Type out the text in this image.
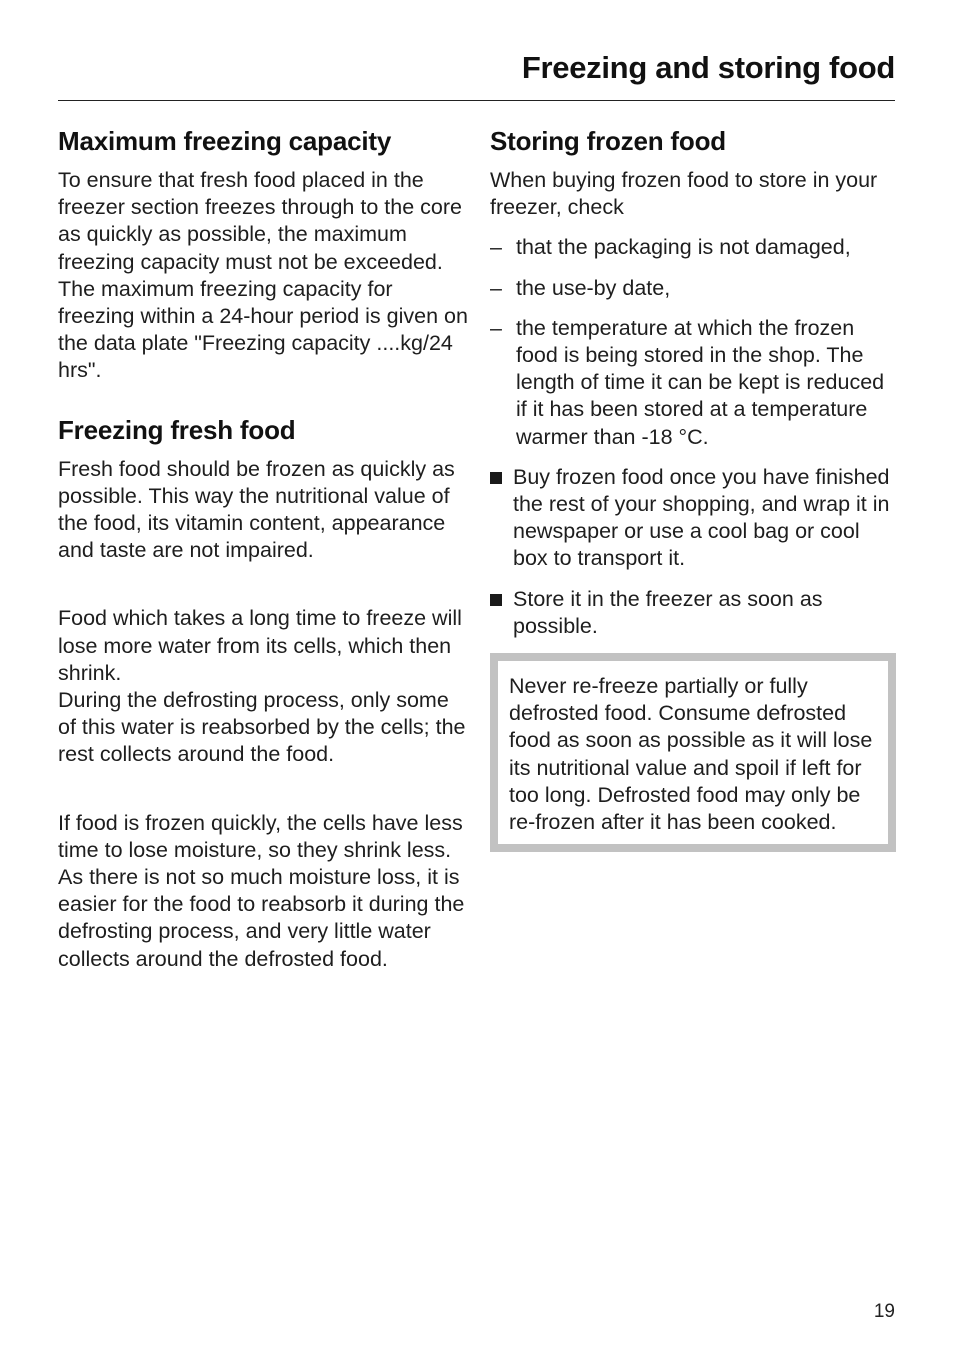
Freezing and storing food
Maximum freezing capacity

To ensure that fresh food placed in the freezer section freezes through to the core as quickly as possible, the maximum freezing capacity must not be exceeded. The maximum freezing capacity for freezing within a 24-hour period is given on the data plate "Freezing capacity ....kg/24 hrs".

Freezing fresh food

Fresh food should be frozen as quickly as possible. This way the nutritional value of the food, its vitamin content, appearance and taste are not impaired.

Food which takes a long time to freeze will lose more water from its cells, which then shrink.

During the defrosting process, only some of this water is reabsorbed by the cells; the rest collects around the food.

If food is frozen quickly, the cells have less time to lose moisture, so they shrink less. As there is not so much moisture loss, it is easier for the food to reabsorb it during the defrosting process, and very little water collects around the defrosted food.

Storing frozen food

When buying frozen food to store in your freezer, check

– that the packaging is not damaged,
– the use-by date,
– the temperature at which the frozen food is being stored in the shop. The length of time it can be kept is reduced if it has been stored at a temperature warmer than -18 °C.
Buy frozen food once you have finished the rest of your shopping, and wrap it in newspaper or use a cool bag or cool box to transport it.
Store it in the freezer as soon as possible.

Never re-freeze partially or fully defrosted food. Consume defrosted food as soon as possible as it will lose its nutritional value and spoil if left for too long. Defrosted food may only be re-frozen after it has been cooked.

19
